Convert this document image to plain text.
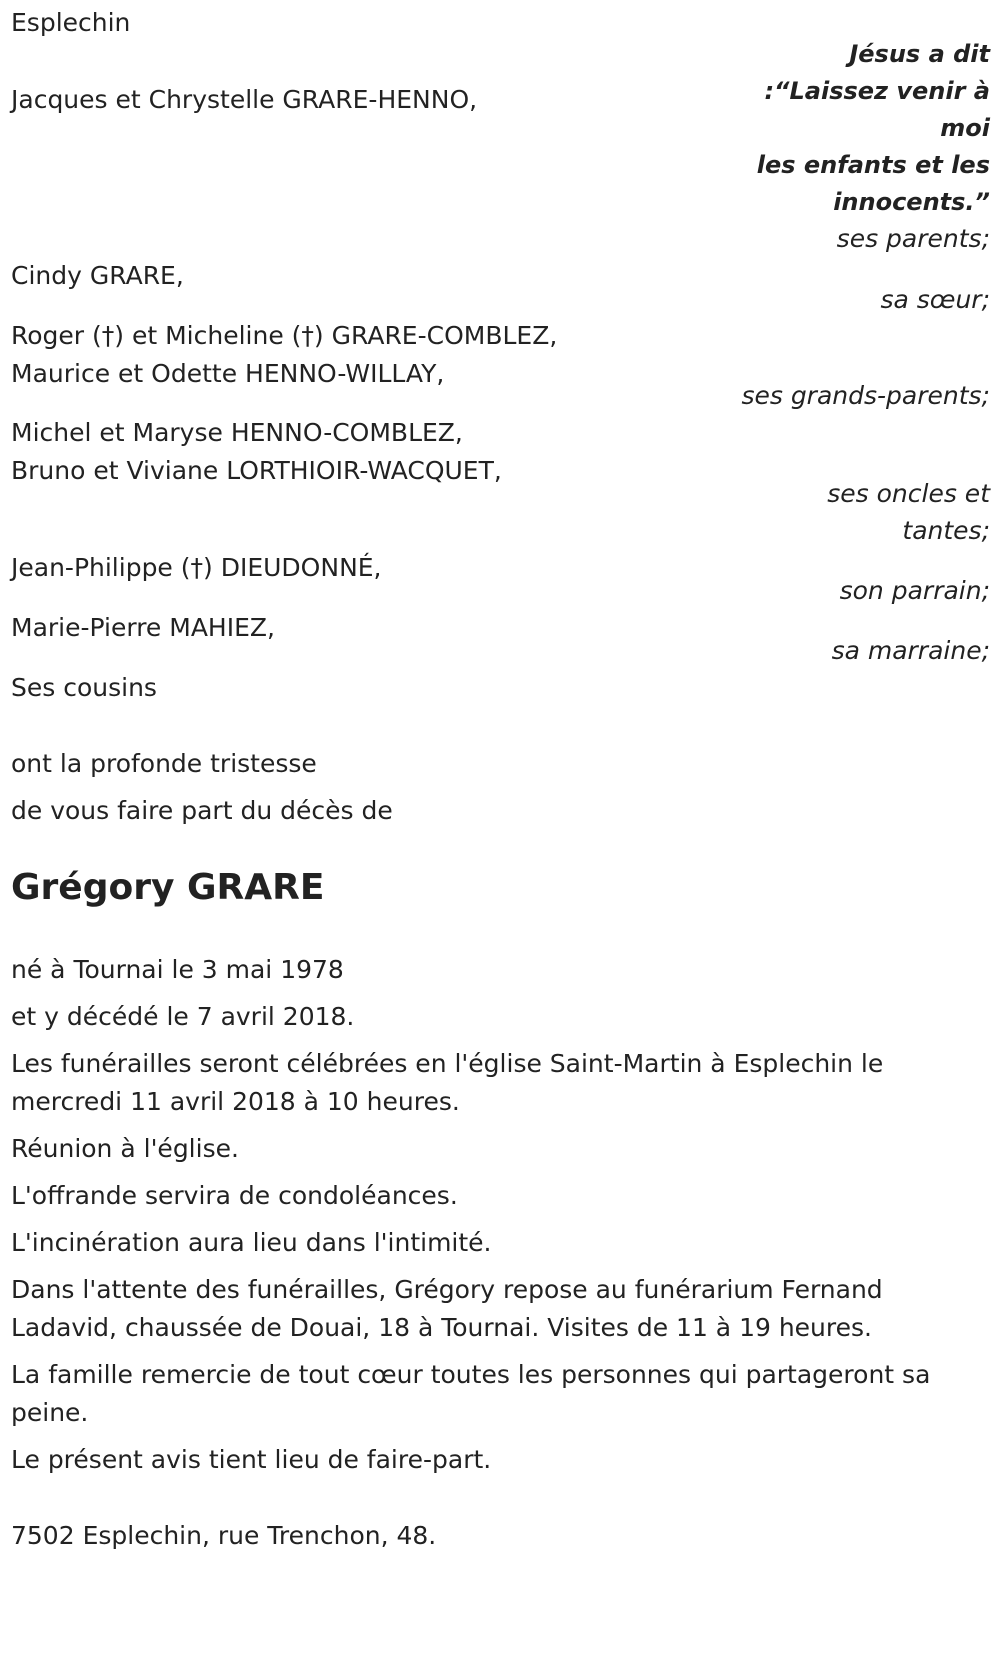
Esplechin
Jésus a dit
:“Laissez venir à
moi
les enfants et les
innocents.”
Jacques et Chrystelle GRARE-HENNO,
ses parents;
Cindy GRARE,
sa sœur;
Roger (†) et Micheline (†) GRARE-COMBLEZ,
Maurice et Odette HENNO-WILLAY,
ses grands-parents;
Michel et Maryse HENNO-COMBLEZ,
Bruno et Viviane LORTHIOIR-WACQUET,
ses oncles et
tantes;
Jean-Philippe (†) DIEUDONNÉ,
son parrain;
Marie-Pierre MAHIEZ,
sa marraine;
Ses cousins
ont la profonde tristesse
de vous faire part du décès de
Grégory GRARE
né à Tournai le 3 mai 1978
et y décédé le 7 avril 2018.
Les funérailles seront célébrées en l'église Saint-Martin à Esplechin le mercredi 11 avril 2018 à 10 heures.
Réunion à l'église.
L'offrande servira de condoléances.
L'incinération aura lieu dans l'intimité.
Dans l'attente des funérailles, Grégory repose au funérarium Fernand Ladavid, chaussée de Douai, 18 à Tournai. Visites de 11 à 19 heures.
La famille remercie de tout cœur toutes les personnes qui partageront sa peine.
Le présent avis tient lieu de faire-part.
7502 Esplechin, rue Trenchon, 48.
